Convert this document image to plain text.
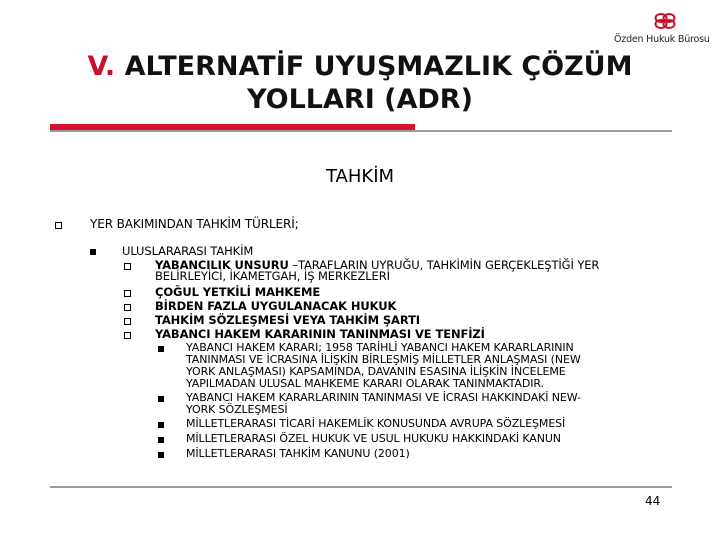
Özden Hukuk Bürosu
V. ALTERNATİF UYUŞMAZLIK ÇÖZÜM
YOLLARI (ADR)
TAHKİM
YER BAKIMINDAN TAHKİM TÜRLERİ;
ULUSLARARASI TAHKİM
YABANCILIK UNSURU –TARAFLARIN UYRUĞU, TAHKİMİN GERÇEKLEŞTİĞİ YER
BELİRLEYİCİ, İKAMETGAH, İŞ MERKEZLERİ
ÇOĞUL YETKİLİ MAHKEME
BİRDEN FAZLA UYGULANACAK HUKUK
TAHKİM SÖZLEŞMESİ VEYA TAHKİM ŞARTI
YABANCI HAKEM KARARININ TANINMASI VE TENFİZİ
YABANCI HAKEM KARARI; 1958 TARİHLİ YABANCI HAKEM KARARLARININ
TANINMASI VE İCRASINA İLİŞKİN BİRLEŞMİŞ MİLLETLER ANLAŞMASI (NEW
YORK ANLAŞMASI) KAPSAMINDA, DAVANIN ESASINA İLİŞKİN İNCELEME
YAPILMADAN ULUSAL MAHKEME KARARI OLARAK TANINMAKTADIR.
YABANCI HAKEM KARARLARININ TANINMASI VE İCRASI HAKKINDAKİ NEW-
YORK SÖZLEŞMESİ
MİLLETLERARASI TİCARİ HAKEMLİK KONUSUNDA AVRUPA SÖZLEŞMESİ
MİLLETLERARASI ÖZEL HUKUK VE USUL HUKUKU HAKKINDAKİ KANUN
MİLLETLERARASI TAHKİM KANUNU (2001)
44
